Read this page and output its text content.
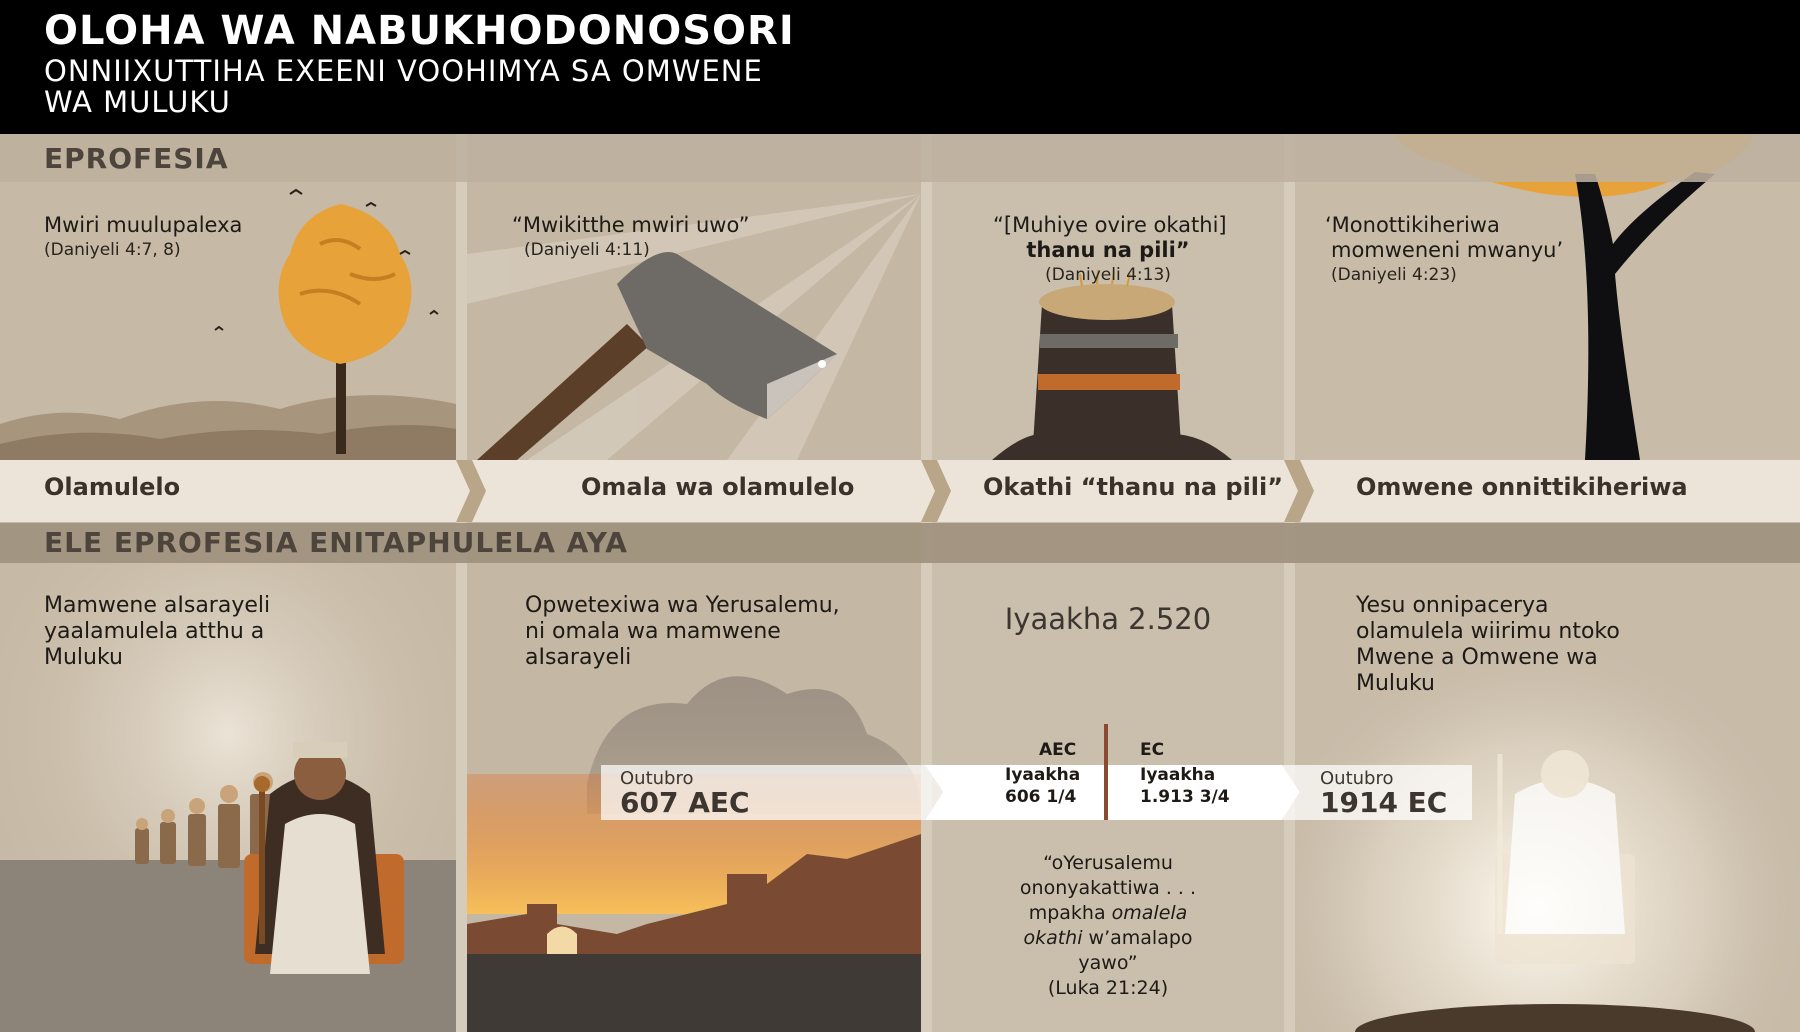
OLOHA WA NABUKHODONOSORI
ONNIIXUTTIHA EXEENI VOOHIMYA SA OMWENE
WA MULUKU
Mwiri muulupalexa
(Daniyeli 4:7, 8)
Mamwene aIsarayeli
yaalamulela atthu a
Muluku
“Mwikitthe mwiri uwo”
(Daniyeli 4:11)
Opwetexiwa wa Yerusalemu,
ni omala wa mamwene
aIsarayeli
“[Muhiye ovire okathi]
thanu na pili”
(Daniyeli 4:13)
Iyaakha 2.520
“oYerusalemu
ononyakattiwa . . .
mpakha omalela
okathi w’amalapo
yawo”
(Luka 21:24)
‘Monottikiheriwa
momweneni mwanyu’
(Daniyeli 4:23)
Yesu onnipacerya
olamulela wiirimu ntoko
Mwene a Omwene wa
Muluku
EPROFESIA
ELE EPROFESIA ENITAPHULELA AYA
Olamulelo	Omala wa olamulelo	Okathi “thanu na pili”	Omwene onnittikiheriwa
Outubro
607 AEC
AEC
Iyaakha
606 1/4
EC
Iyaakha
1.913 3/4
Outubro
1914 EC
